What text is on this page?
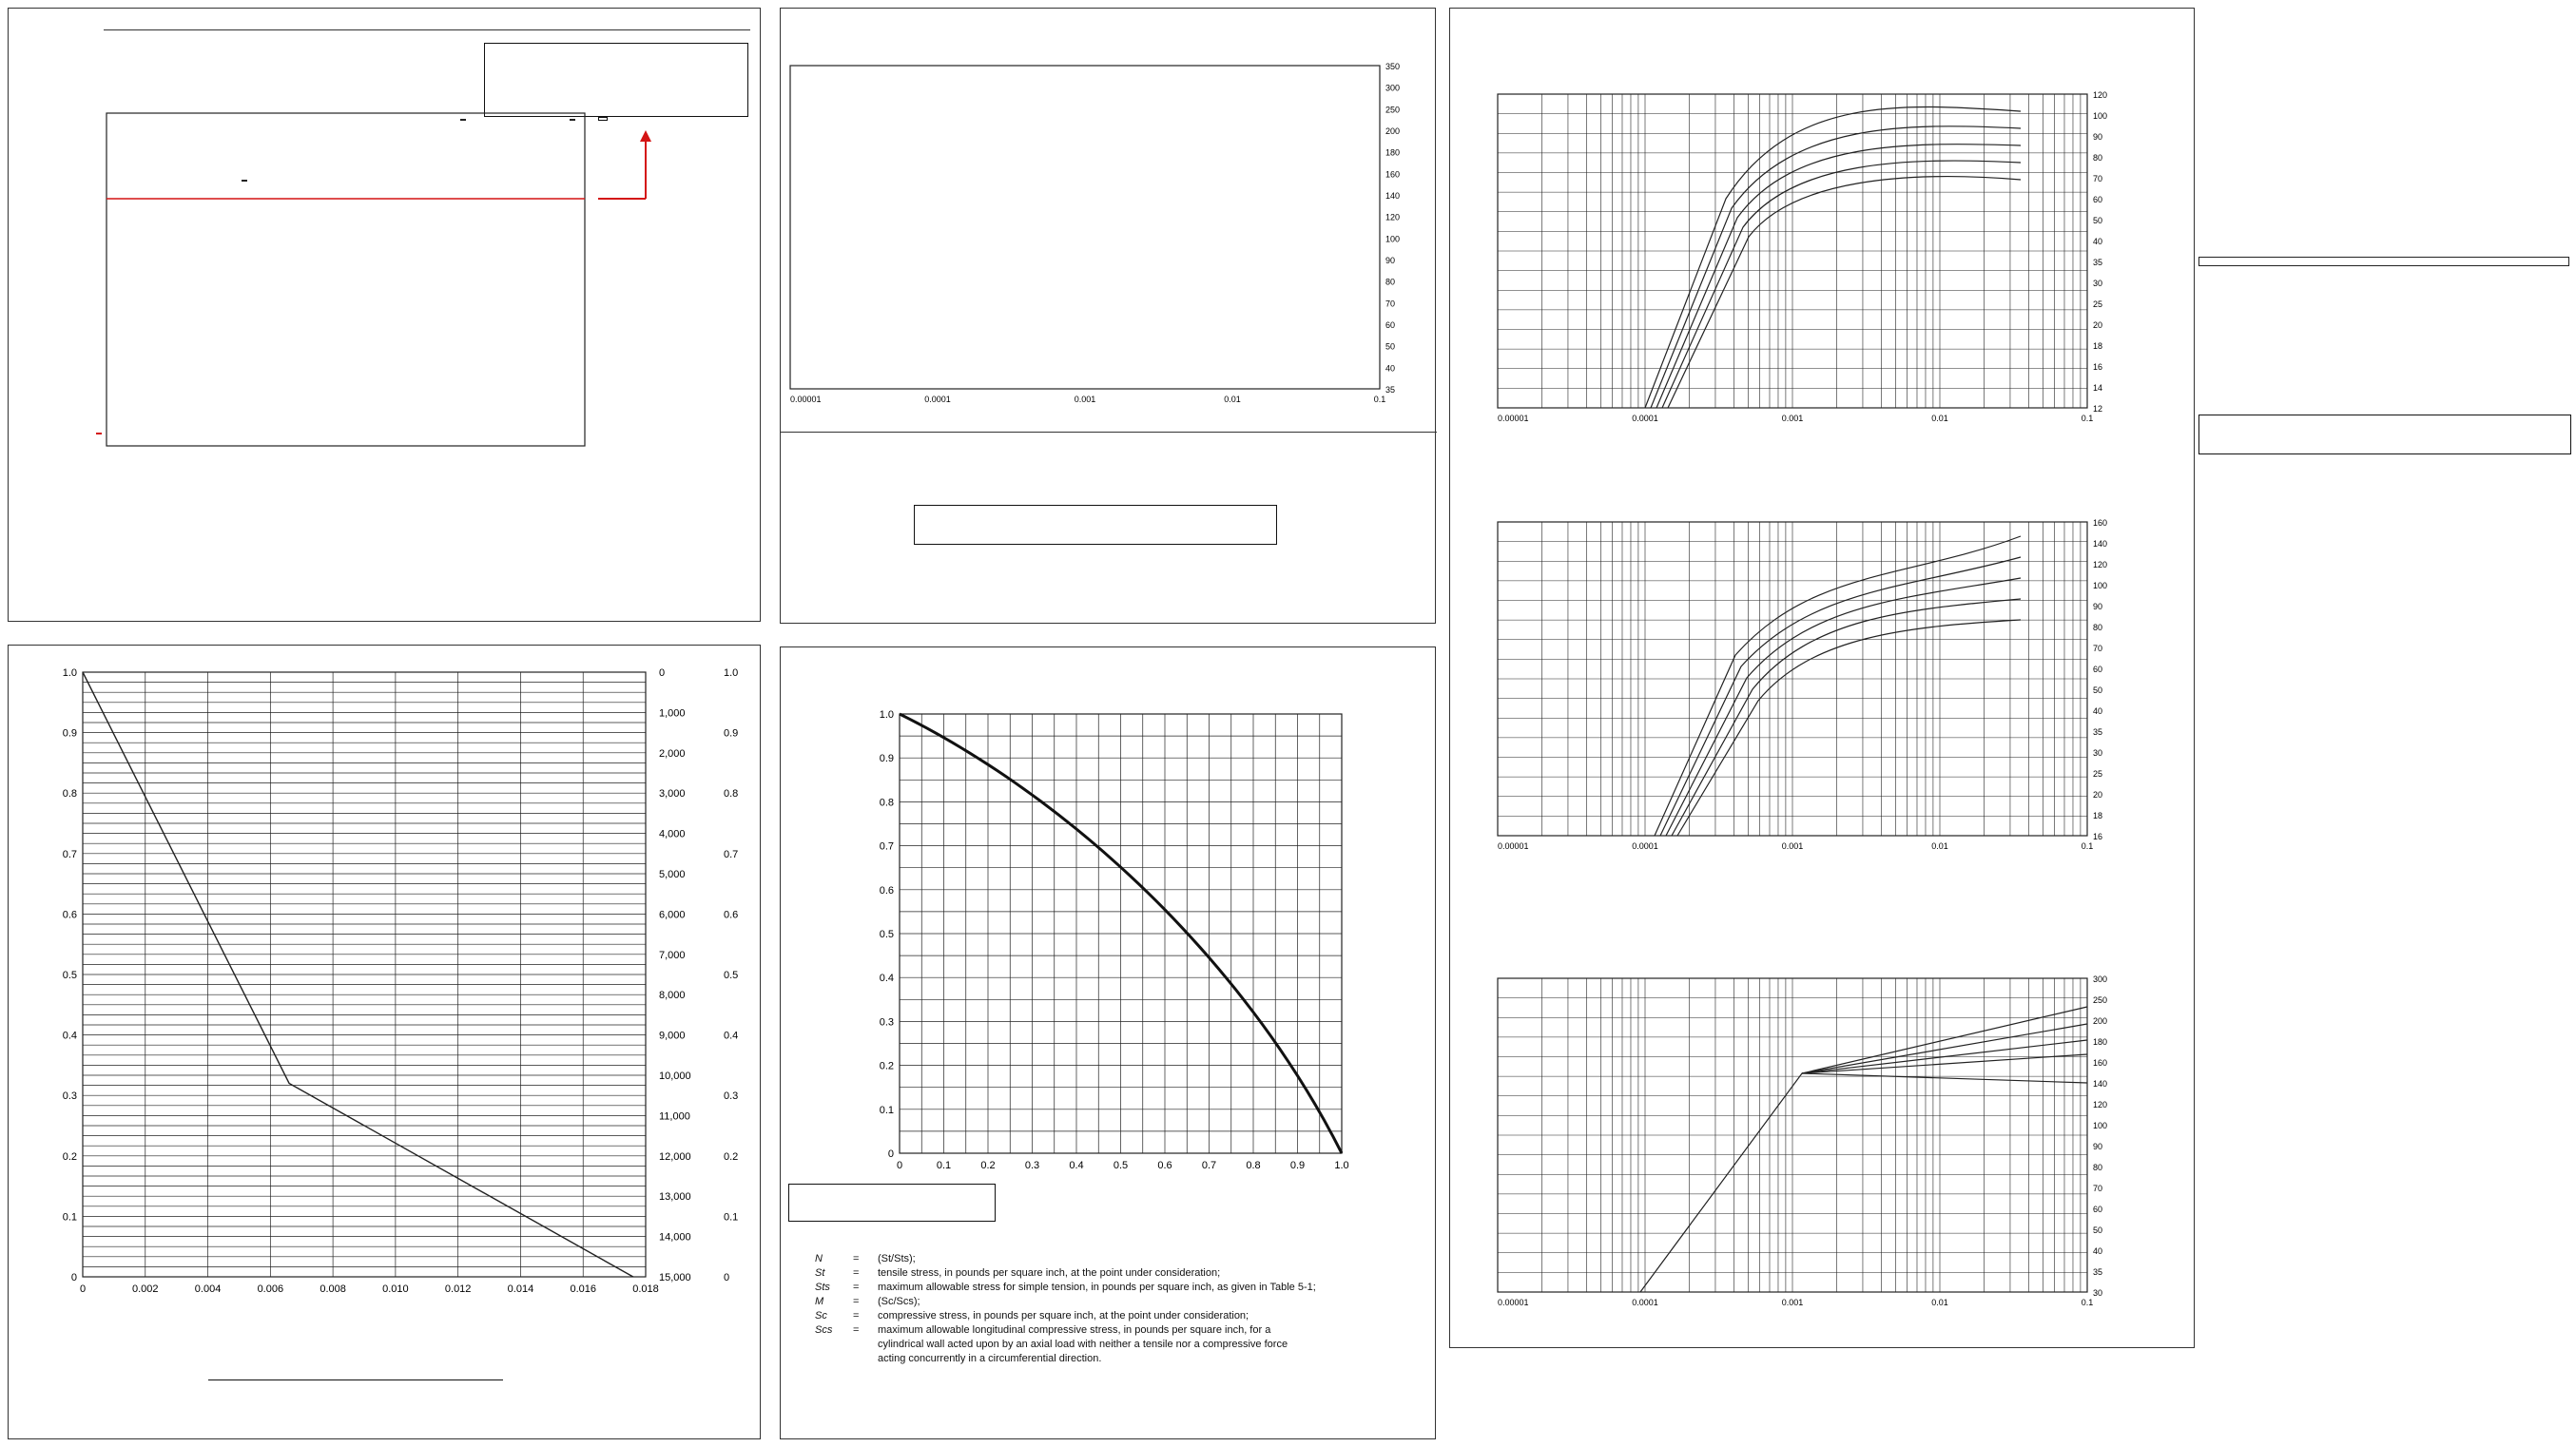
350
300
250
200
180
160
140
120
100
90
80
70
60
50
40
35
0.00001	0.0001	0.001	0.01	0.1
120
100
90
80
70
60
50
40
35
30
25
20
18
16
14
12
0.00001	0.0001	0.001	0.01	0.1
160
140
120
100
90
80
70
60
50
40
35
30
25
20
18
16
0.00001	0.0001	0.001	0.01	0.1
300
250
200
180
160
140
120
100
90
80
70
60
50
40
35
30
0.00001	0.0001	0.001	0.01	0.1

1.0
0.9
0.8
0.7
0.6
0.5
0.4
0.3
0.2
0.1
0
0	0.002	0.004	0.006	0.008	0.010	0.012	0.014	0.016	0.018
0
1,000
2,000
3,000
4,000
5,000
6,000
7,000
8,000
9,000
10,000
11,000
12,000
13,000
14,000
15,000
1.0
0.9
0.8
0.7
0.6
0.5
0.4
0.3
0.2
0.1
0
0
0.1
0.2
0.3
0.4
0.5
0.6
0.7
0.8
0.9
1.0
0	0.1	0.2	0.3	0.4	0.5	0.6	0.7	0.8	0.9	1.0
N	=	(St/Sts);
St	=	tensile stress, in pounds per square inch, at the point under consideration;
Sts	=	maximum allowable stress for simple tension, in pounds per square inch, as given in Table 5-1;
M	=	(Sc/Scs);
Sc	=	compressive stress, in pounds per square inch, at the point under consideration;
Scs	=	maximum allowable longitudinal compressive stress, in pounds per square inch, for a
cylindrical wall acted upon by an axial load with neither a tensile nor a compressive force
acting concurrently in a circumferential direction.
